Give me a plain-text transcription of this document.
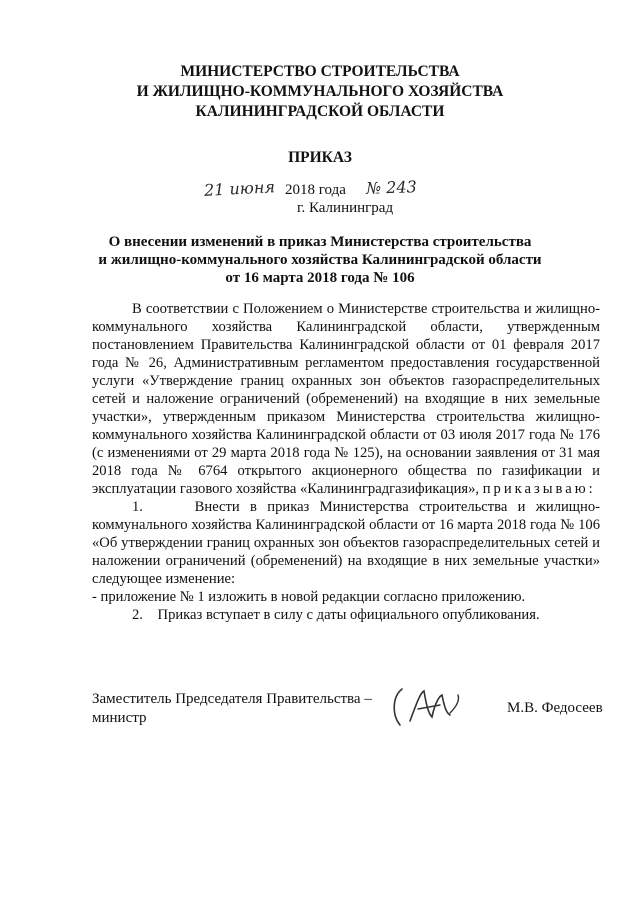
МИНИСТЕРСТВО СТРОИТЕЛЬСТВА
И ЖИЛИЩНО-КОММУНАЛЬНОГО ХОЗЯЙСТВА
КАЛИНИНГРАДСКОЙ ОБЛАСТИ
ПРИКАЗ
21 июня 2018 года № 243
г. Калининград
О внесении изменений в приказ Министерства строительства
и жилищно-коммунального хозяйства Калининградской области
от 16 марта 2018 года № 106

В соответствии с Положением о Министерстве строительства и жилищно-коммунального хозяйства Калининградской области, утвержденным постановлением Правительства Калининградской области от 01 февраля 2017 года № 26, Административным регламентом предоставления государственной услуги «Утверждение границ охранных зон объектов газораспределительных сетей и наложение ограничений (обременений) на входящие в них земельные участки», утвержденным приказом Министерства строительства жилищно-коммунального хозяйства Калининградской области от 03 июля 2017 года № 176 (с изменениями от 29 марта 2018 года № 125), на основании заявления от 31 мая 2018 года № 6764 открытого акционерного общества по газификации и эксплуатации газового хозяйства «Калининградгазификация», приказываю:

1.     Внести в приказ Министерства строительства и жилищно-коммунального хозяйства Калининградской области от 16 марта 2018 года № 106 «Об утверждении границ охранных зон объектов газораспределительных сетей и наложении ограничений (обременений) на входящие в них земельные участки» следующее изменение:

- приложение № 1 изложить в новой редакции согласно приложению.

2.    Приказ вступает в силу с даты официального опубликования.

Заместитель Председателя Правительства –
министр
М.В. Федосеев
